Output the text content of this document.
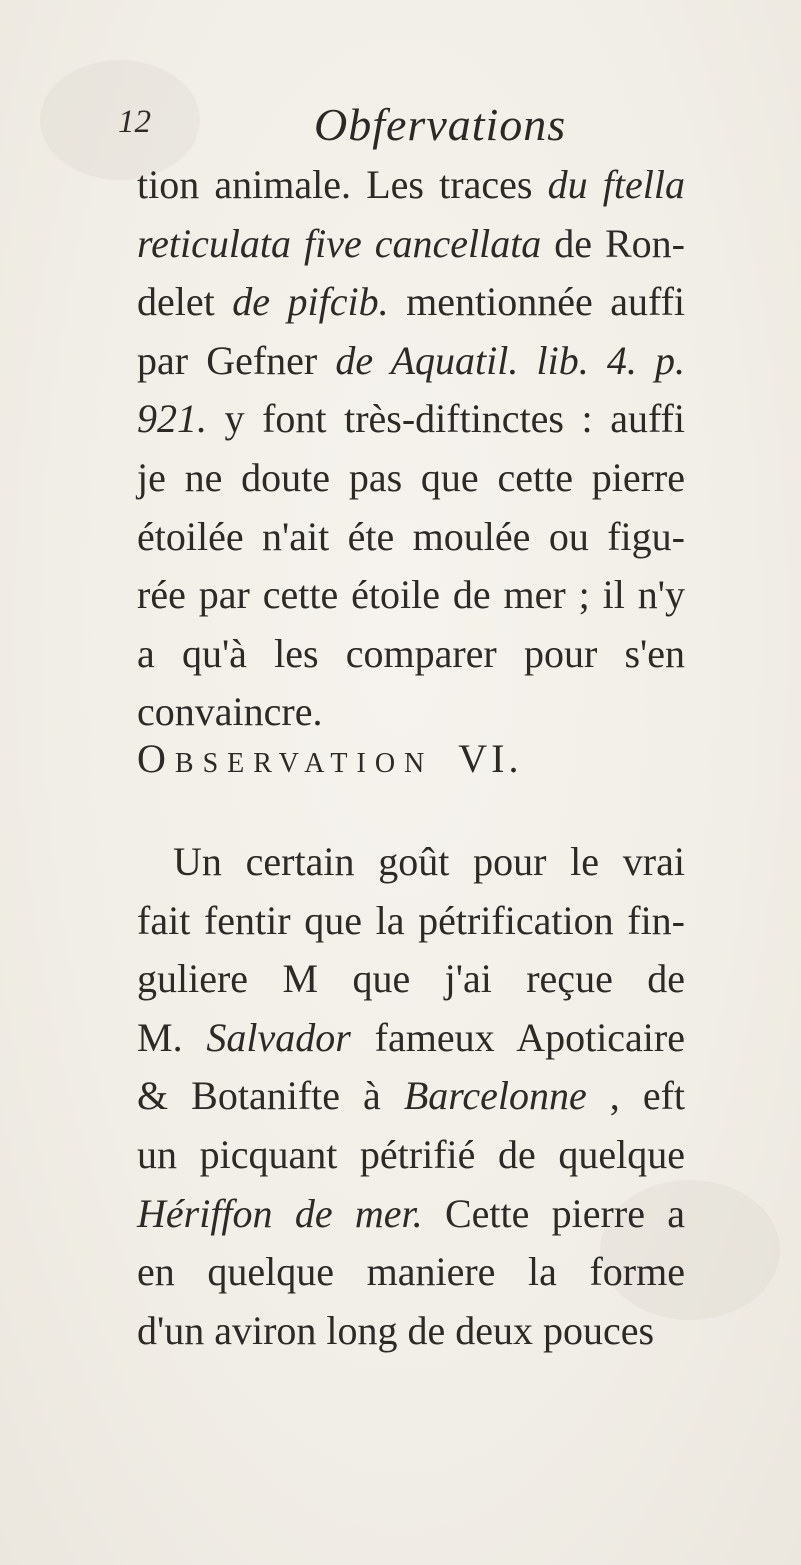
12	Obfervations
tion animale. Les traces du ftella
reticulata five cancellata de Ron-
delet de pifcib. mentionnée auffi
par Gefner de Aquatil. lib. 4. p.
921. y font très-diftinctes : auffi
je ne doute pas que cette pierre
étoilée n'ait éte moulée ou figu-
rée par cette étoile de mer ; il n'y
a qu'à les comparer pour s'en
convaincre.
OBSERVATION VI.
Un certain goût pour le vrai
fait fentir que la pétrification fin-
guliere M que j'ai reçue de
M. Salvador fameux Apoticaire
& Botanifte à Barcelonne , eft
un picquant pétrifié de quelque
Hériffon de mer. Cette pierre a
en quelque maniere la forme
d'un aviron long de deux pouces
